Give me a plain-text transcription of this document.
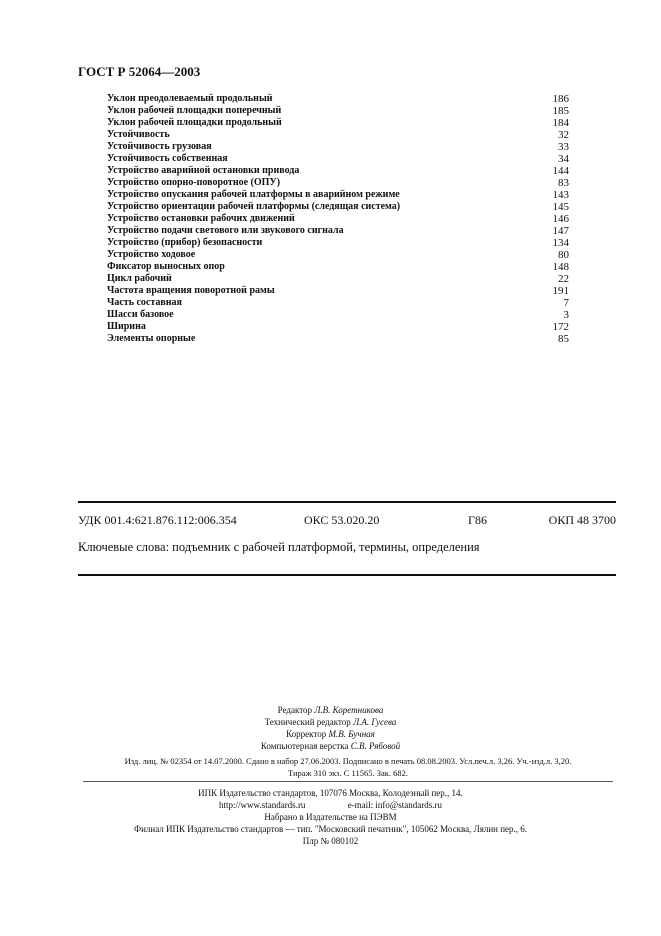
ГОСТ Р 52064—2003
Уклон преодолеваемый продольный	186
Уклон рабочей площадки поперечный	185
Уклон рабочей площадки продольный	184
Устойчивость	32
Устойчивость грузовая	33
Устойчивость собственная	34
Устройство аварийной остановки привода	144
Устройство опорно-поворотное (ОПУ)	83
Устройство опускания рабочей платформы в аварийном режиме	143
Устройство ориентации рабочей платформы (следящая система)	145
Устройство остановки рабочих движений	146
Устройство подачи светового или звукового сигнала	147
Устройство (прибор) безопасности	134
Устройство ходовое	80
Фиксатор выносных опор	148
Цикл рабочий	22
Частота вращения поворотной рамы	191
Часть составная	7
Шасси базовое	3
Ширина	172
Элементы опорные	85
УДК 001.4:621.876.112:006.354	ОКС 53.020.20	Г86	ОКП 48 3700
Ключевые слова: подъемник с рабочей платформой, термины, определения
Редактор Л.В. Коретникова
Технический редактор Л.А. Гусева
Корректор М.В. Бучная
Компьютерная верстка С.В. Рябовой
Изд. лиц. № 02354 от 14.07.2000. Сдано в набор 27.06.2003. Подписано в печать 08.08.2003. Усл.печ.л. 3,26. Уч.-изд.л. 3,20.
Тираж 310 экз. С 11565. Зак. 682.
ИПК Издательство стандартов, 107076 Москва, Колодезный пер., 14.
http://www.standards.ru	e-mail: info@standards.ru
Набрано в Издательстве на ПЭВМ
Филиал ИПК Издательство стандартов — тип. "Московский печатник", 105062 Москва, Лялин пер., 6.
Плр № 080102
